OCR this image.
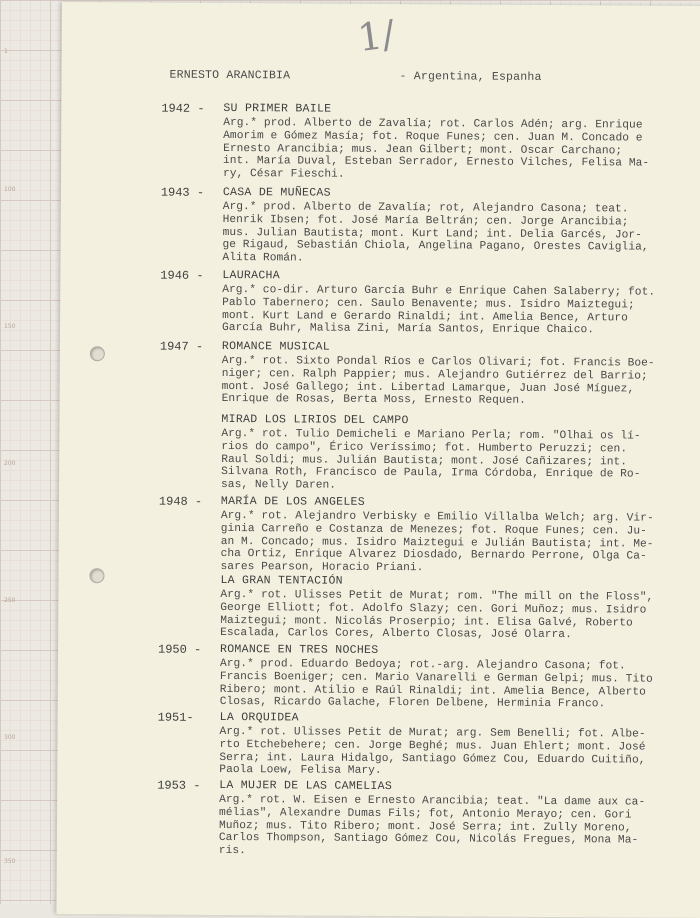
1
100
150
200
250
300
350
1/
ERNESTO ARANCIBIA	- Argentina, Espanha
1942 -	SU PRIMER BAILE
Arg.* prod. Alberto de Zavalía; rot. Carlos Adén; arg. Enrique
Amorim e Gómez Masía; fot. Roque Funes; cen. Juan M. Concado e
Ernesto Arancibia; mus. Jean Gilbert; mont. Oscar Carchano;
int. María Duval, Esteban Serrador, Ernesto Vilches, Felisa Ma-
ry, César Fieschi.
1943 -	CASA DE MUÑECAS
Arg.* prod. Alberto de Zavalía; rot, Alejandro Casona; teat.
Henrik Ibsen; fot. José María Beltrán; cen. Jorge Arancibia;
mus. Julian Bautista; mont. Kurt Land; int. Delia Garcés, Jor-
ge Rigaud, Sebastián Chiola, Angelina Pagano, Orestes Caviglia,
Alita Román.
1946 -	LAURACHA
Arg.* co-dir. Arturo García Buhr e Enrique Cahen Salaberry; fot.
Pablo Tabernero; cen. Saulo Benavente; mus. Isidro Maiztegui;
mont. Kurt Land e Gerardo Rinaldi; int. Amelia Bence, Arturo
García Buhr, Malisa Zini, María Santos, Enrique Chaico.
1947 -	ROMANCE MUSICAL
Arg.* rot. Sixto Pondal Ríos e Carlos Olivari; fot. Francis Boe-
niger; cen. Ralph Pappier; mus. Alejandro Gutiérrez del Barrio;
mont. José Gallego; int. Libertad Lamarque, Juan José Míguez,
Enrique de Rosas, Berta Moss, Ernesto Requen.
MIRAD LOS LIRIOS DEL CAMPO
Arg.* rot. Tulio Demicheli e Mariano Perla; rom. "Olhai os lí-
rios do campo", Érico Veríssimo; fot. Humberto Peruzzi; cen.
Raul Soldi; mus. Julián Bautista; mont. José Cañizares; int.
Silvana Roth, Francisco de Paula, Irma Córdoba, Enrique de Ro-
sas, Nelly Daren.
1948 -	MARÍA DE LOS ANGELES
Arg.* rot. Alejandro Verbisky e Emilio Villalba Welch; arg. Vir-
ginia Carreño e Costanza de Menezes; fot. Roque Funes; cen. Ju-
an M. Concado; mus. Isidro Maiztegui e Julián Bautista; int. Me-
cha Ortiz, Enrique Alvarez Diosdado, Bernardo Perrone, Olga Ca-
sares Pearson, Horacio Priani.
LA GRAN TENTACIÓN
Arg.* rot. Ulisses Petit de Murat; rom. "The mill on the Floss",
George Elliott; fot. Adolfo Slazy; cen. Gori Muñoz; mus. Isidro
Maiztegui; mont. Nicolás Proserpio; int. Elisa Galvé, Roberto
Escalada, Carlos Cores, Alberto Closas, José Olarra.
1950 -	ROMANCE EN TRES NOCHES
Arg.* prod. Eduardo Bedoya; rot.-arg. Alejandro Casona; fot.
Francis Boeniger; cen. Mario Vanarelli e German Gelpi; mus. Tito
Ribero; mont. Atilio e Raúl Rinaldi; int. Amelia Bence, Alberto
Closas, Ricardo Galache, Floren Delbene, Herminia Franco.
1951-	LA ORQUIDEA
Arg.* rot. Ulisses Petit de Murat; arg. Sem Benelli; fot. Albe-
rto Etchebehere; cen. Jorge Beghé; mus. Juan Ehlert; mont. José
Serra; int. Laura Hidalgo, Santiago Gómez Cou, Eduardo Cuitiño,
Paola Loew, Felisa Mary.
1953 -	LA MUJER DE LAS CAMELIAS
Arg.* rot. W. Eisen e Ernesto Arancibia; teat. "La dame aux ca-
mélias", Alexandre Dumas Fils; fot, Antonio Merayo; cen. Gori
Muñoz; mus. Tito Ribero; mont. José Serra; int. Zully Moreno,
Carlos Thompson, Santiago Gómez Cou, Nicolás Fregues, Mona Ma-
ris.
